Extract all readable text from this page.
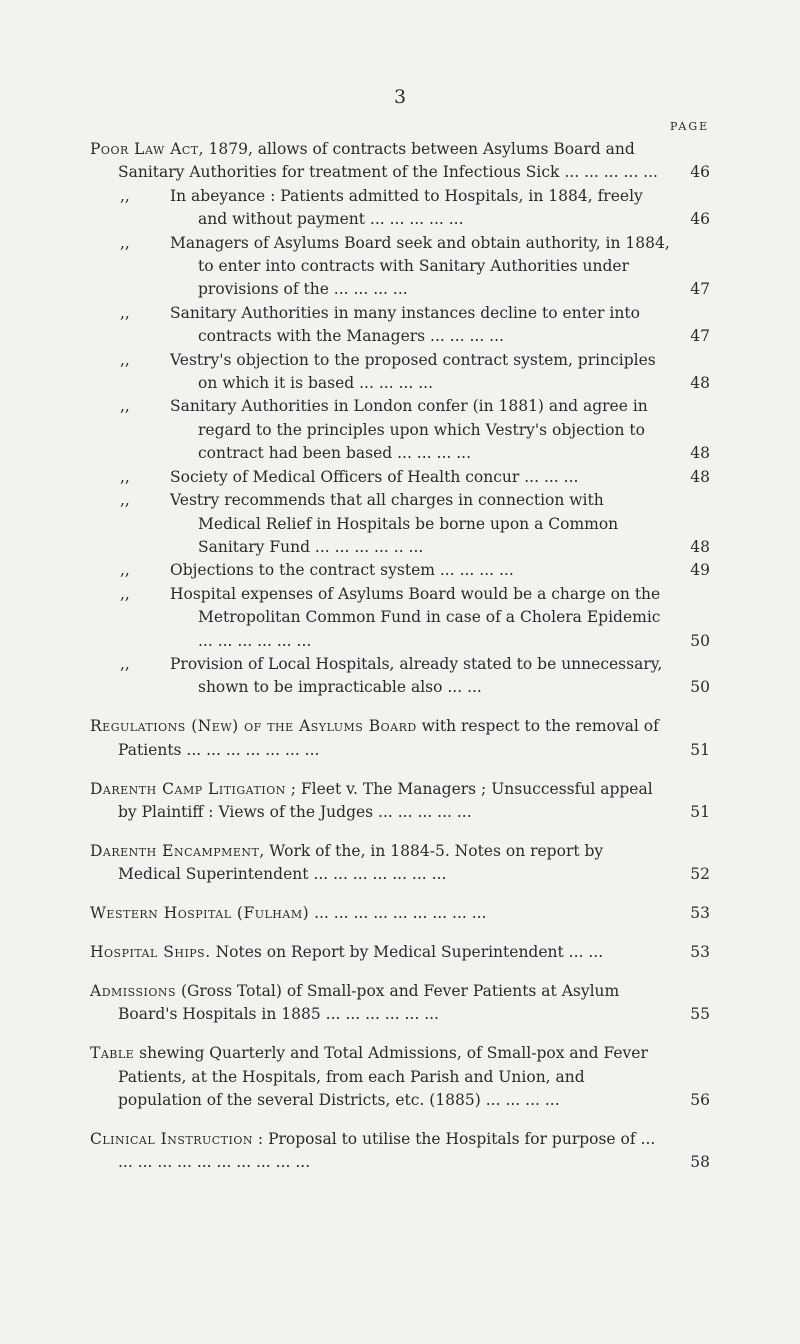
3
PAGE
Poor Law Act, 1879, allows of contracts between Asylums Board and Sanitary Authorities for treatment of the Infectious Sick ... ... ... ... ...	46
,,	In abeyance : Patients admitted to Hospitals, in 1884, freely and without payment ... ... ... ... ...	46
,,	Managers of Asylums Board seek and obtain authority, in 1884, to enter into contracts with Sanitary Authorities under provisions of the ... ... ... ...	47
,,	Sanitary Authorities in many instances decline to enter into contracts with the Managers ... ... ... ...	47
,,	Vestry's objection to the proposed contract system, principles on which it is based ... ... ... ...	48
,,	Sanitary Authorities in London confer (in 1881) and agree in regard to the principles upon which Vestry's objection to contract had been based ... ... ... ...	48
,,	Society of Medical Officers of Health concur ... ... ...	48
,,	Vestry recommends that all charges in connection with Medical Relief in Hospitals be borne upon a Common Sanitary Fund ... ... ... ... .. ...	48
,,	Objections to the contract system ... ... ... ...	49
,,	Hospital expenses of Asylums Board would be a charge on the Metropolitan Common Fund in case of a Cholera Epidemic ... ... ... ... ... ...	50
,,	Provision of Local Hospitals, already stated to be unnecessary, shown to be impracticable also ... ...	50
Regulations (New) of the Asylums Board with respect to the removal of Patients ... ... ... ... ... ... ...	51
Darenth Camp Litigation ; Fleet v. The Managers ; Unsuccessful appeal by Plaintiff : Views of the Judges ... ... ... ... ...	51
Darenth Encampment, Work of the, in 1884-5. Notes on report by Medical Superintendent ... ... ... ... ... ... ...	52
Western Hospital (Fulham) ... ... ... ... ... ... ... ... ...	53
Hospital Ships. Notes on Report by Medical Superintendent ... ...	53
Admissions (Gross Total) of Small-pox and Fever Patients at Asylum Board's Hospitals in 1885 ... ... ... ... ... ...	55
Table shewing Quarterly and Total Admissions, of Small-pox and Fever Patients, at the Hospitals, from each Parish and Union, and population of the several Districts, etc. (1885) ... ... ... ...	56
Clinical Instruction : Proposal to utilise the Hospitals for purpose of ... ... ... ... ... ... ... ... ... ... ...	58
